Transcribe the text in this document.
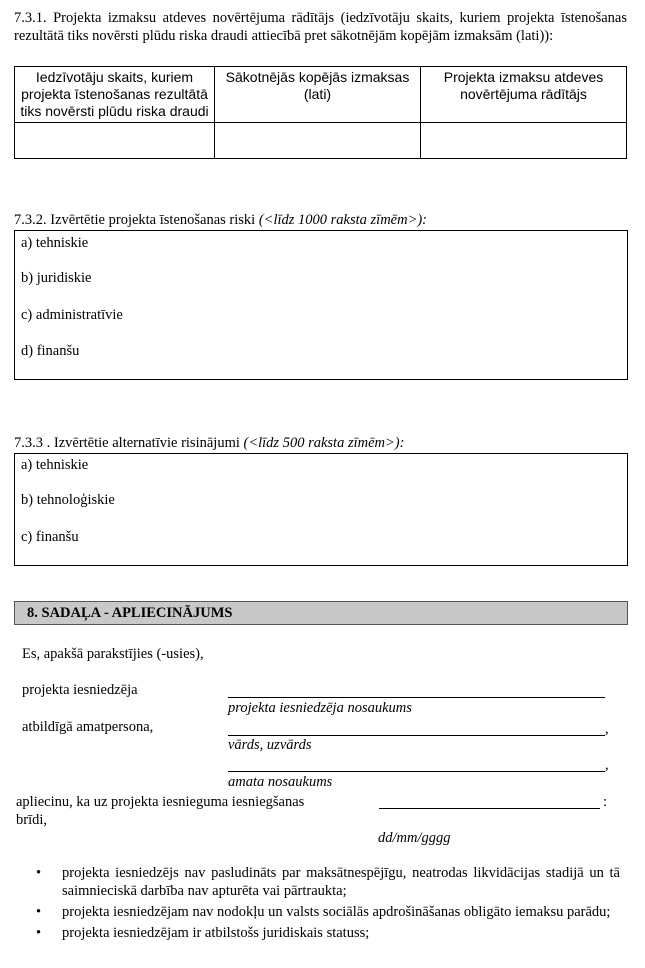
7.3.1. Projekta izmaksu atdeves novērtējuma rādītājs (iedzīvotāju skaits, kuriem projekta īstenošanas rezultātā tiks novērsti plūdu riska draudi attiecībā pret sākotnējām kopējām izmaksām (lati)):
Iedzīvotāju skaits, kuriem projekta īstenošanas rezultātā tiks novērsti plūdu riska draudi	Sākotnējās kopējās izmaksas (lati)	Projekta izmaksu atdeves novērtējuma rādītājs

7.3.2. Izvērtētie projekta īstenošanas riski (<līdz 1000 raksta zīmēm>):
a) tehniskie
b) juridiskie
c) administratīvie
d) finanšu
7.3.3 . Izvērtētie alternatīvie risinājumi (<līdz 500 raksta zīmēm>):
a) tehniskie
b) tehnoloģiskie
c) finanšu
8. SADAĻA - APLIECINĀJUMS
Es, apakšā parakstījies (-usies),
projekta iesniedzēja
projekta iesniedzēja nosaukums
atbildīgā amatpersona,	,
vārds, uzvārds
,
amata nosaukums
apliecinu, ka uz projekta iesnieguma iesniegšanas
brīdi,
:
dd/mm/gggg
• projekta iesniedzējs nav pasludināts par maksātnespējīgu, neatrodas likvidācijas stadijā un tā saimnieciskā darbība nav apturēta vai pārtraukta;
• projekta iesniedzējam nav nodokļu un valsts sociālās apdrošināšanas obligāto iemaksu parādu;
• projekta iesniedzējam ir atbilstošs juridiskais statuss;
